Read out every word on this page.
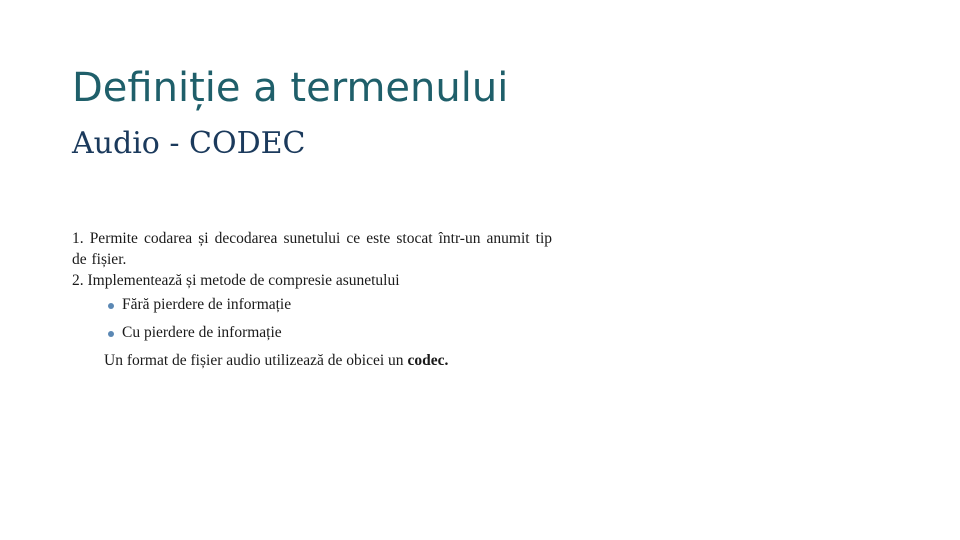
Definiție a termenului
Audio - CODEC

1. Permite codarea și decodarea sunetului ce este stocat într-un anumit tip de fișier.

2. Implementează și metode de compresie asunetului

Fără pierdere de informație
Cu pierdere de informație

Un format de fișier audio utilizează de obicei un codec.
